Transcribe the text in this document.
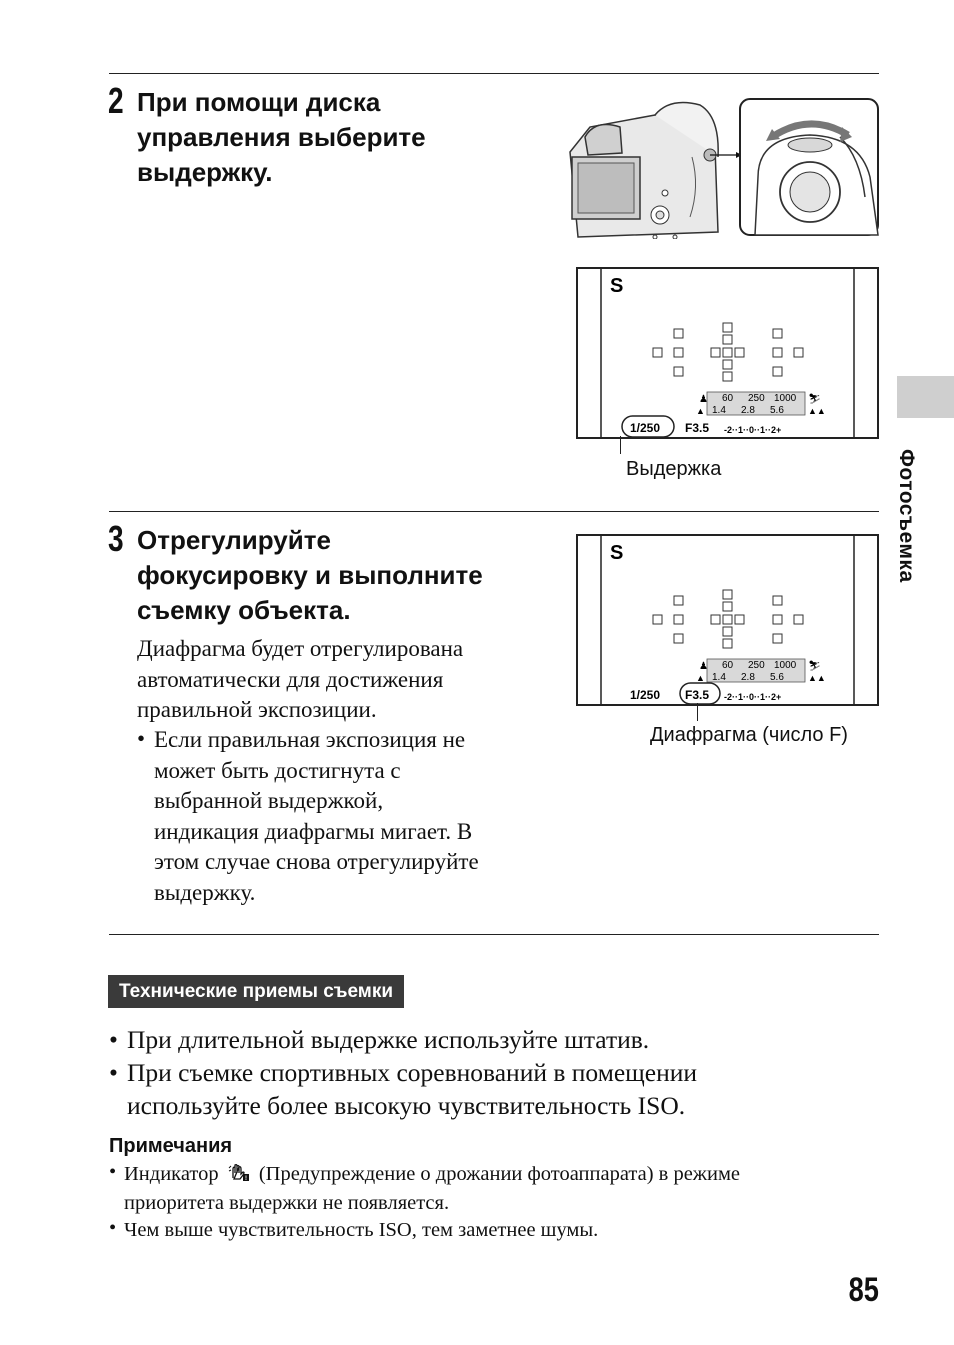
2 При помощи диска
управления выберите
выдержку.
S
♟
▲
60 250 1000
1.4 2.8 5.6
⛷
▲▲
1/250 F3.5 -2··1··0··1··2+
Выдержка
3 Отрегулируйте
фокусировку и выполните
съемку объекта.
Диафрагма будет отрегулирована
автоматически для достижения
правильной экспозиции.
• Если правильная экспозиция не
может быть достигнута с
выбранной выдержкой,
индикация диафрагмы мигает. В
этом случае снова отрегулируйте
выдержку.
S
♟
▲
60 250 1000
1.4 2.8 5.6
⛷
▲▲
1/250 F3.5 -2··1··0··1··2+
Диафрагма (число F)
Технические приемы съемки
• При длительной выдержке используйте штатив.
• При съемке спортивных соревнований в помещении
используйте более высокую чувствительность ISO.
Примечания
• Индикатор	! (Предупреждение о дрожании фотоаппарата) в режиме
приоритета выдержки не появляется.
• Чем выше чувствительность ISO, тем заметнее шумы.
Фотосъемка
85
